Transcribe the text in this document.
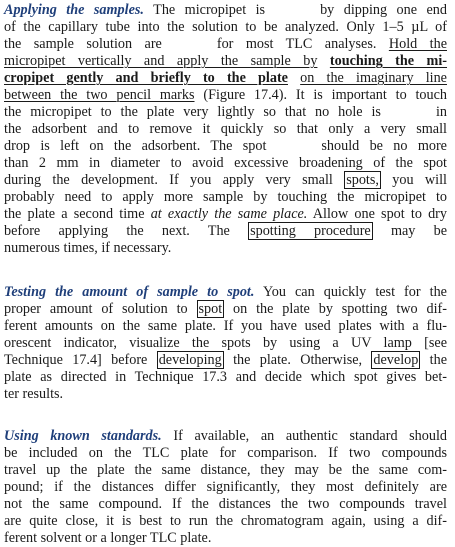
Applying the samples. The micropipet is	by dipping one end
of the capillary tube into the solution to be analyzed. Only 1–5 µL of
the sample solution are	for most TLC analyses. Hold the
micropipet vertically and apply the sample by touching the mi-
cropipet gently and briefly to the plate on the imaginary line
between the two pencil marks (Figure 17.4). It is important to touch
the micropipet to the plate very lightly so that no hole is	in
the adsorbent and to remove it quickly so that only a very small
drop is left on the adsorbent. The spot	should be no more
than 2 mm in diameter to avoid excessive broadening of the spot
during the development. If you apply very small spots, you will
probably need to apply more sample by touching the micropipet to
the plate a second time at exactly the same place. Allow one spot to dry
before applying the next. The spotting procedure may be
numerous times, if necessary.
Testing the amount of sample to spot. You can quickly test for the
proper amount of solution to spot on the plate by spotting two dif-
ferent amounts on the same plate. If you have used plates with a flu-
orescent indicator, visualize the spots by using a UV lamp [see
Technique 17.4] before developing the plate. Otherwise, develop the
plate as directed in Technique 17.3 and decide which spot gives bet-
ter results.
Using known standards. If available, an authentic standard should
be included on the TLC plate for comparison. If two compounds
travel up the plate the same distance, they may be the same com-
pound; if the distances differ significantly, they most definitely are
not the same compound. If the distances the two compounds travel
are quite close, it is best to run the chromatogram again, using a dif-
ferent solvent or a longer TLC plate.
